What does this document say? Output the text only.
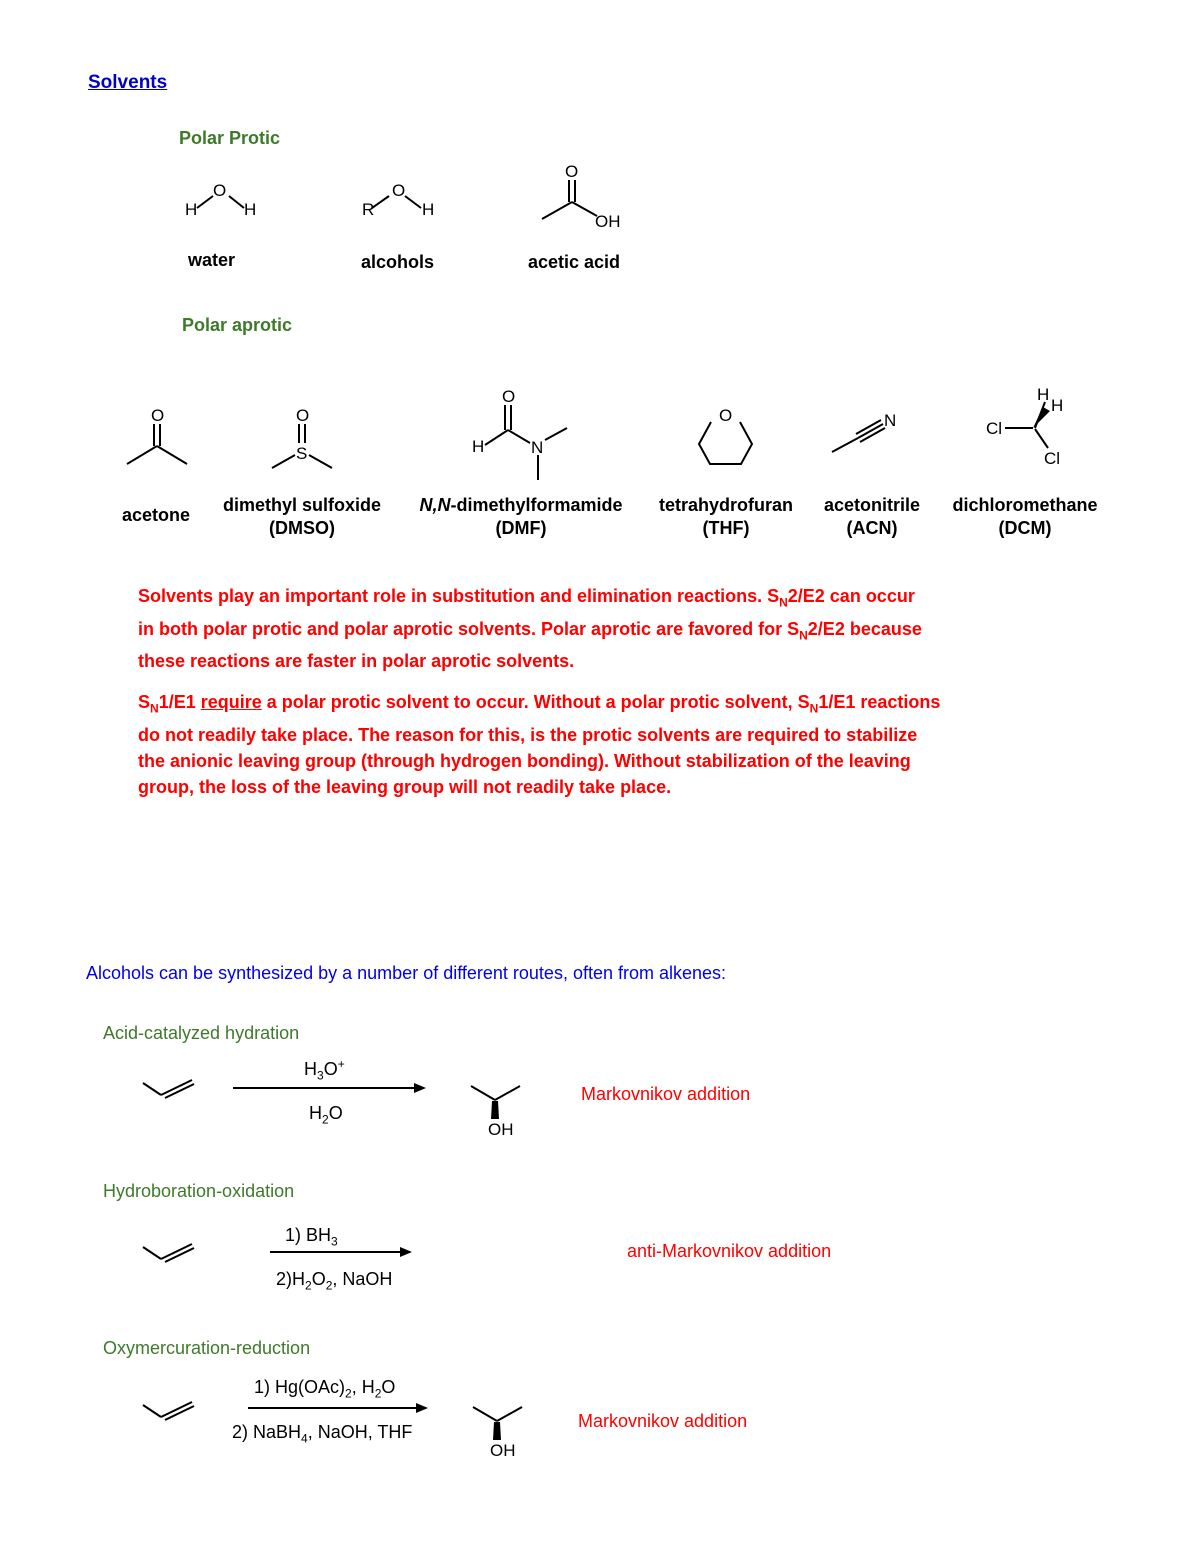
Solvents
Polar Protic
Polar aprotic
H
O
H	R
O
H
O
OH
O	O
S
O
H	N
O	N
H
H
Cl
Cl
OH
OH
water	alcohols	acetic acid
acetone	dimethyl sulfoxide
(DMSO)
N,N-dimethylformamide
(DMF)
tetrahydrofuran
(THF)
acetonitrile
(ACN)
dichloromethane
(DCM)
Solvents play an important role in substitution and elimination reactions. $S_N2/E2$ can occur
in both polar protic and polar aprotic solvents. Polar aprotic are favored for $S_N2/E2$ because
these reactions are faster in polar aprotic solvents.
$S_N1/E1$ require a polar protic solvent to occur. Without a polar protic solvent, $S_N1/E1$ reactions
do not readily take place. The reason for this, is the protic solvents are required to stabilize
the anionic leaving group (through hydrogen bonding). Without stabilization of the leaving
group, the loss of the leaving group will not readily take place.
Alcohols can be synthesized by a number of different routes, often from alkenes:
Acid-catalyzed hydration
$H_3O^+$
$H_2O$
Markovnikov addition
Hydroboration-oxidation
1) $BH_3$
$2)H_2O_2$, NaOH
anti-Markovnikov addition
Oxymercuration-reduction
1) $Hg(OAc)_2$, $H_2O$
2) NaBH$_4$, NaOH, THF
Markovnikov addition
